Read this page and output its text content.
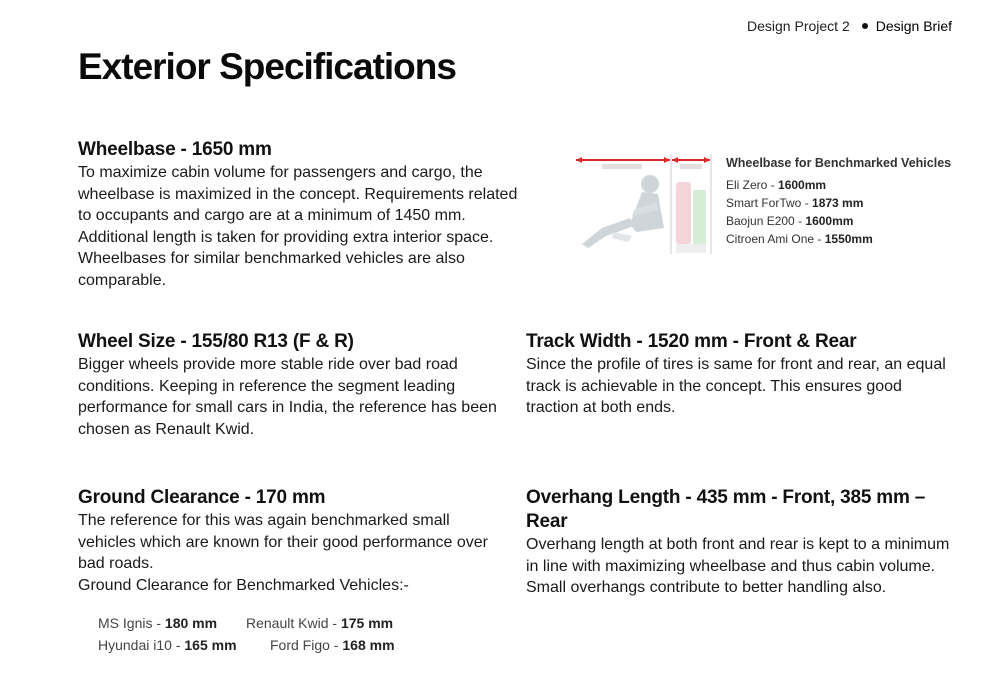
Design Project 2 Design Brief
Exterior Specifications
Wheelbase - 1650 mm

To maximize cabin volume for passengers and cargo, the wheelbase is maximized in the concept. Requirements related to occupants and cargo are at a minimum of 1450 mm. Additional length is taken for providing extra interior space. Wheelbases for similar benchmarked vehicles are also comparable.

Wheelbase for Benchmarked Vehicles
Eli Zero - 1600mm
Smart ForTwo - 1873 mm
Baojun E200 - 1600mm
Citroen Ami One - 1550mm
Wheel Size - 155/80 R13 (F & R)

Bigger wheels provide more stable ride over bad road conditions. Keeping in reference the segment leading performance for small cars in India, the reference has been chosen as Renault Kwid.

Track Width - 1520 mm - Front & Rear

Since the profile of tires is same for front and rear, an equal track is achievable in the concept. This ensures good traction at both ends.

Ground Clearance - 170 mm

The reference for this was again benchmarked small vehicles which are known for their good performance over bad roads.

Ground Clearance for Benchmarked Vehicles:-

MS Ignis - 180 mm Renault Kwid - 175 mm
Hyundai i10 - 165 mm Ford Figo - 168 mm
Overhang Length - 435 mm - Front, 385 mm – Rear

Overhang length at both front and rear is kept to a minimum in line with maximizing wheelbase and thus cabin volume. Small overhangs contribute to better handling also.
